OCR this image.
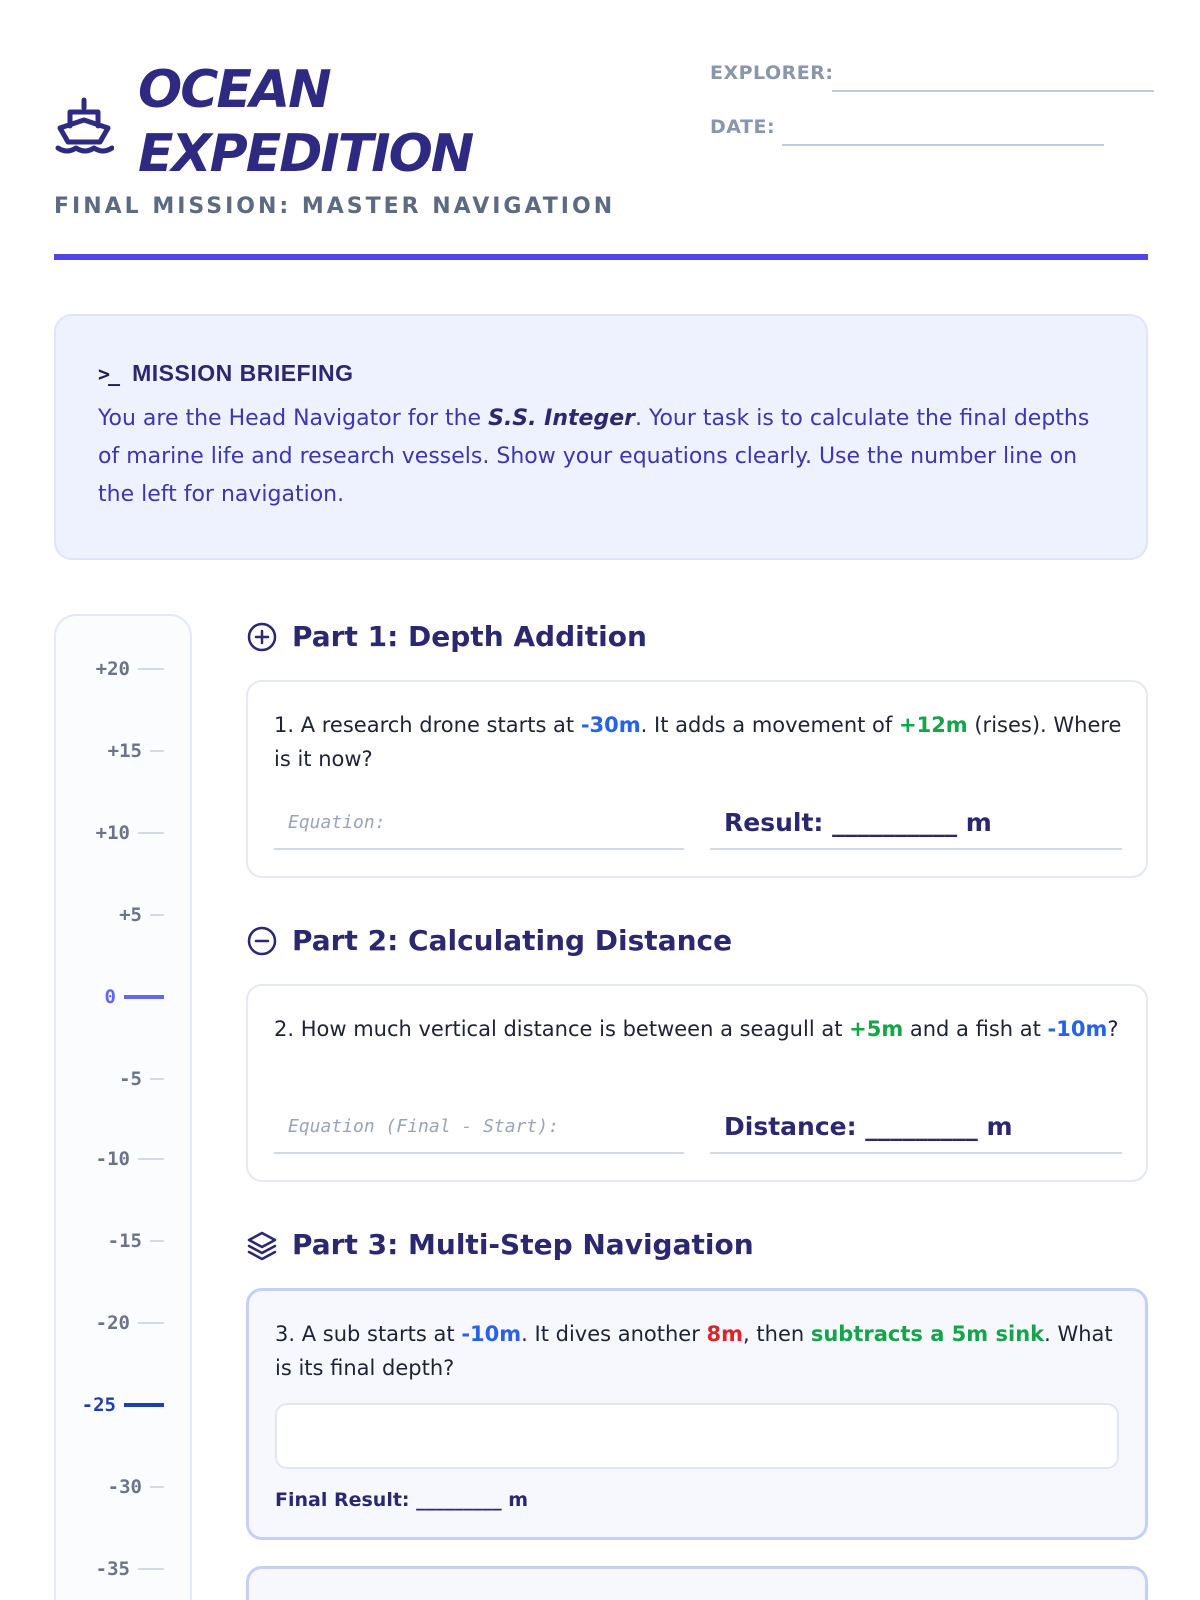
OCEAN
EXPEDITION
FINAL MISSION: MASTER NAVIGATION
EXPLORER:
DATE:
>_ MISSION BRIEFING
You are the Head Navigator for the S.S. Integer. Your task is to calculate the final depths of marine life and research vessels. Show your equations clearly. Use the number line on the left for navigation.
+20
+15
+10
+5
0
-5
-10
-15
-20
-25
-30
-35
Part 1: Depth Addition
1. A research drone starts at -30m. It adds a movement of +12m (rises). Where is it now?
Equation:	Result: __________ m
Part 2: Calculating Distance
2. How much vertical distance is between a seagull at +5m and a fish at -10m?
Equation (Final - Start):	Distance: _________ m
Part 3: Multi-Step Navigation
3. A sub starts at -10m. It dives another 8m, then subtracts a 5m sink. What is its final depth?
Final Result: _________ m
